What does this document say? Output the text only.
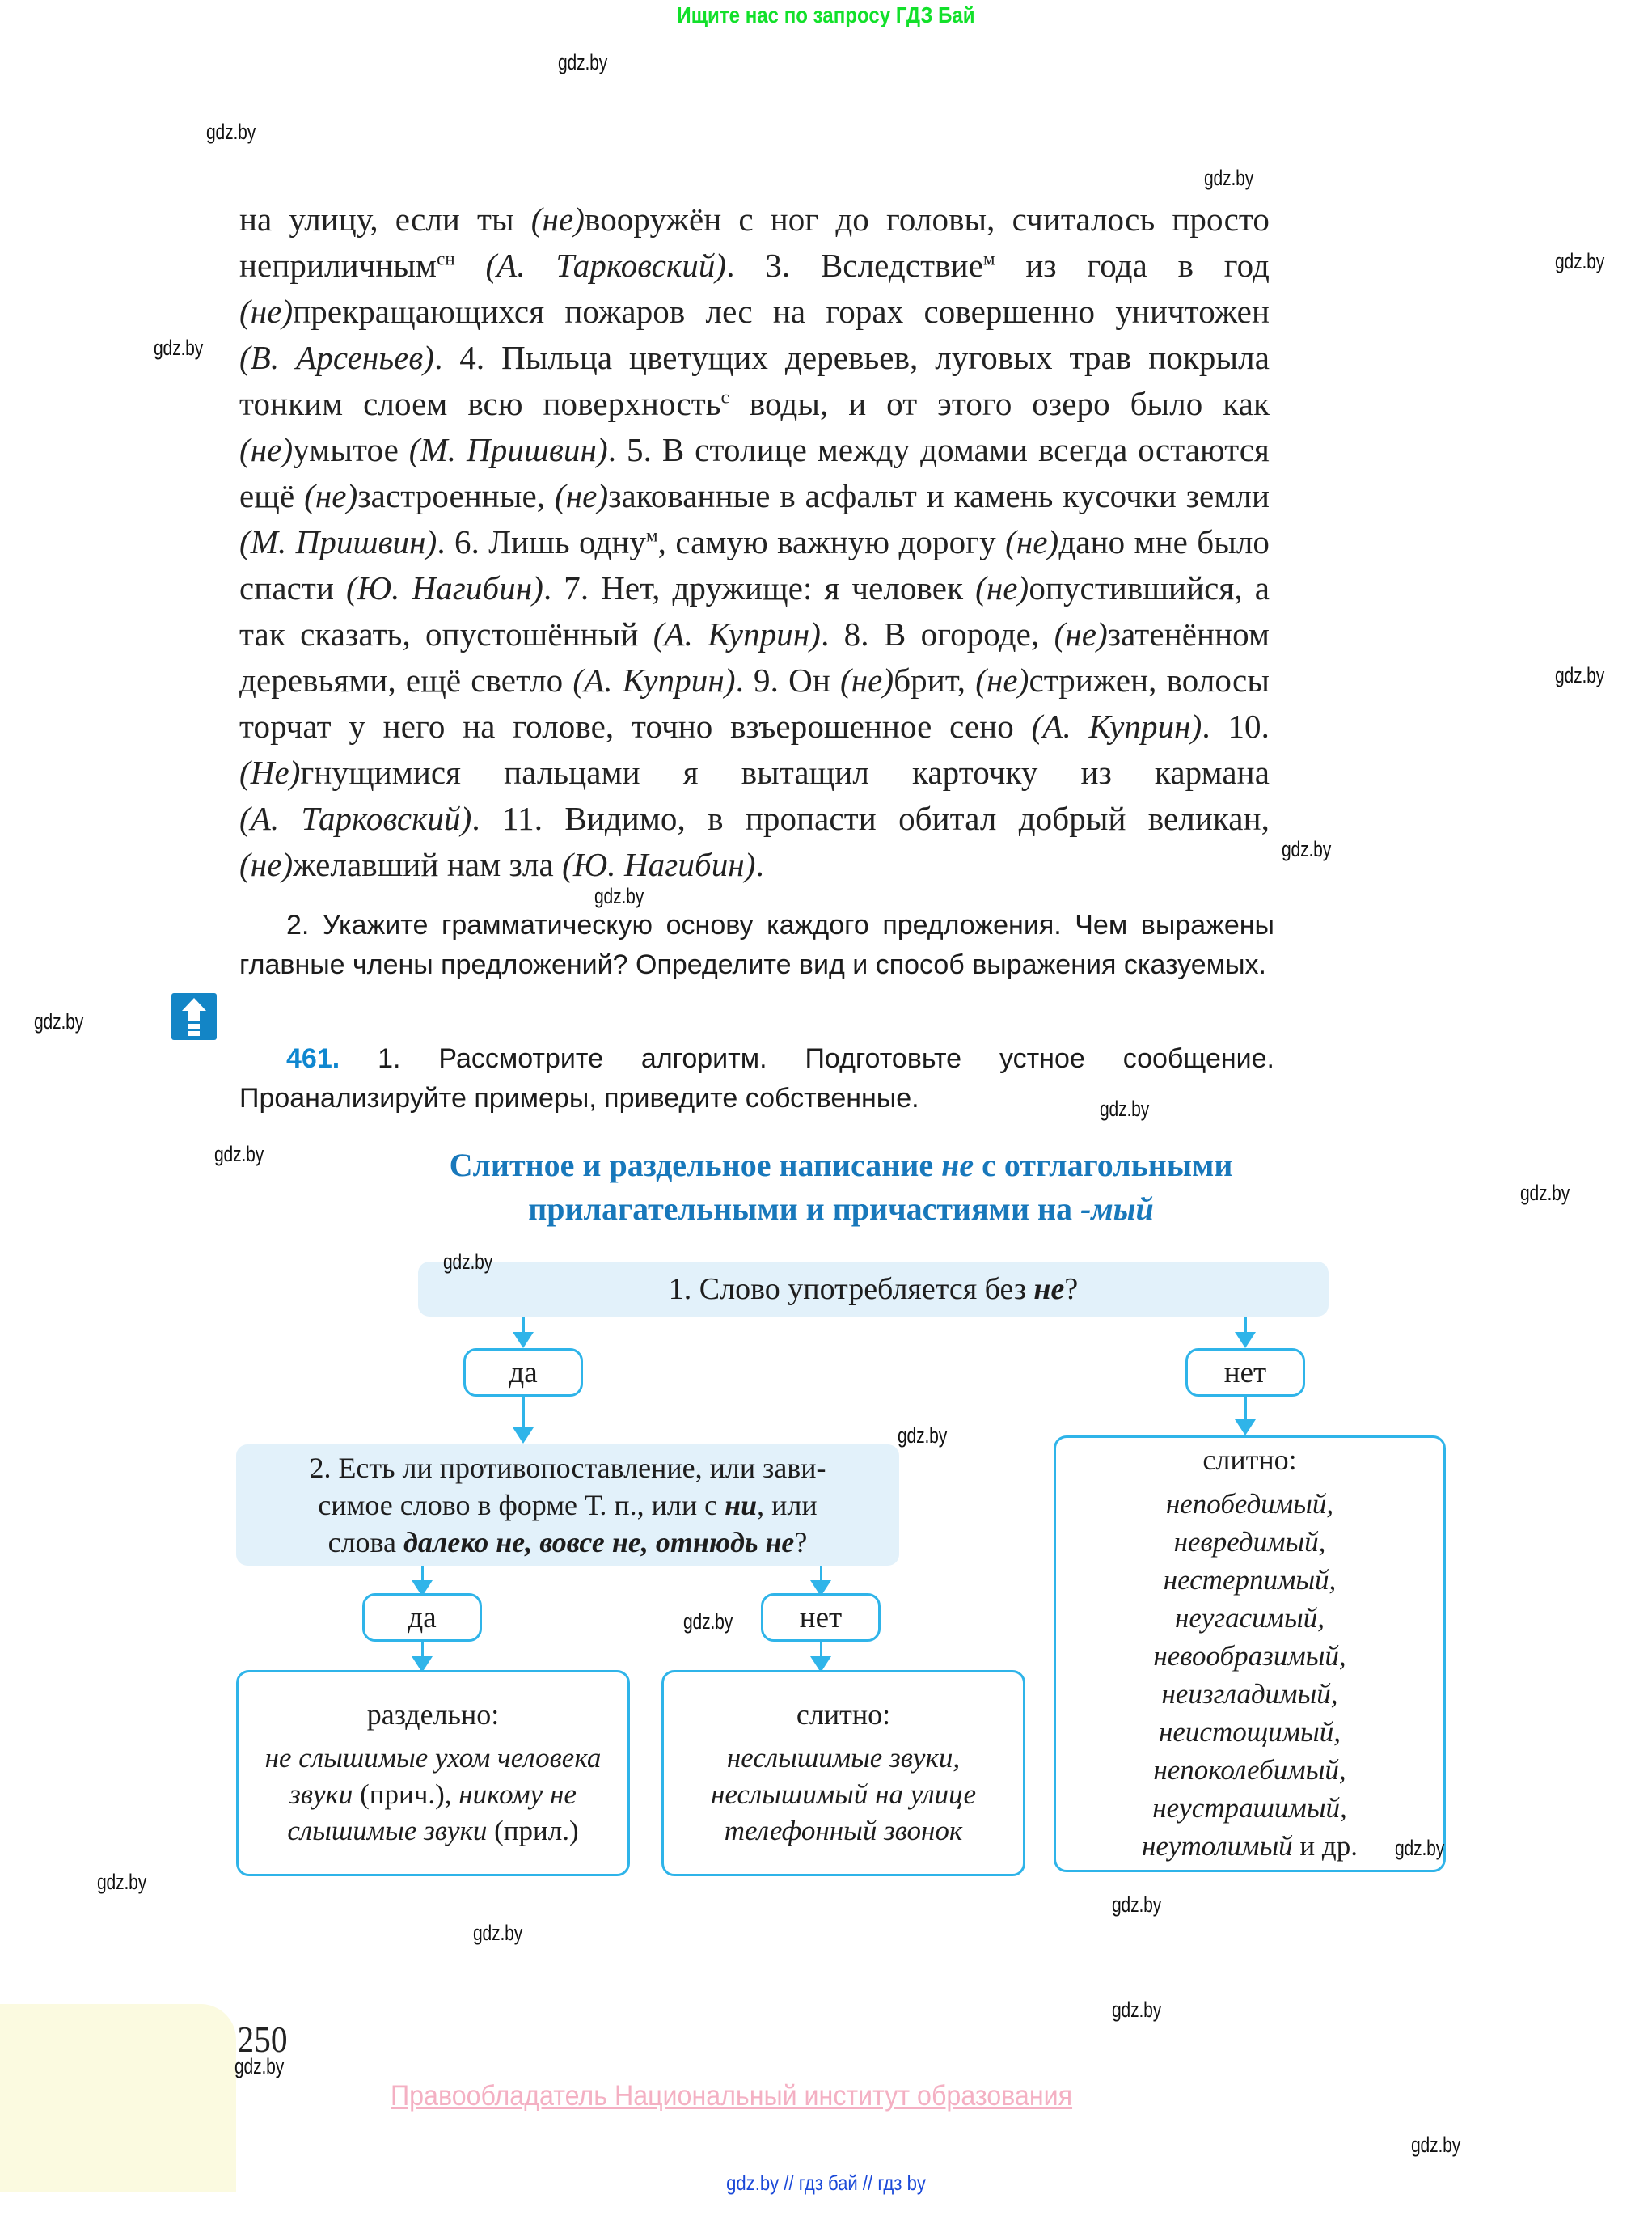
Ищите нас по запросу ГДЗ Бай
на улицу, если ты (не)вооружён с ног до головы, считалось просто неприличным$^{сн}$ (А. Тарковский). 3. Вследствие$^м$ из года в год (не)прекращающихся пожаров лес на горах совершенно уничтожен (В. Арсеньев). 4. Пыльца цветущих деревьев, луговых трав покрыла тонким слоем всю поверхность$^с$ воды, и от этого озеро было как (не)умытое (М. Пришвин). 5. В столице между домами всегда остаются ещё (не)застроенные, (не)закованные в асфальт и камень кусочки земли (М. Пришвин). 6. Лишь одну$^м$, самую важную дорогу (не)дано мне было спасти (Ю. Нагибин). 7. Нет, дружище: я человек (не)опустившийся, а так сказать, опустошённый (А. Куприн). 8. В огороде, (не)затенённом деревьями, ещё светло (А. Куприн). 9. Он (не)брит, (не)стрижен, волосы торчат у него на голове, точно взъерошенное сено (А. Куприн). 10. (Не)гнущимися пальцами я вытащил карточку из кармана (А. Тарковский). 11. Видимо, в пропасти обитал добрый великан, (не)желавший нам зла (Ю. Нагибин).
2. Укажите грамматическую основу каждого предложения. Чем выражены главные члены предложений? Определите вид и способ выражения сказуемых.
461. 1. Рассмотрите алгоритм. Подготовьте устное сообщение. Проанализируйте примеры, приведите собственные.
Слитное и раздельное написание не с отглагольными
прилагательными и причастиями на -мый
1. Слово употребляется без не?
да	нет
2. Есть ли противопоставление, или зави-
симое слово в форме Т. п., или с ни, или
слова далеко не, вовсе не, отнюдь не?
да	нет
раздельно:
не слышимые ухом человека звуки (прич.), никому не слышимые звуки (прил.)
слитно:
неслышимые звуки, неслышимый на улице телефонный звонок
слитно:
непобедимый,
невредимый,
нестерпимый,
неугасимый,
невообразимый,
неизгладимый,
неистощимый,
непоколебимый,
неустрашимый,
неутолимый и др.
250
Правообладатель Национальный институт образования
gdz.by // гдз бай // гдз by
gdz.by
gdz.by
gdz.by
gdz.by
gdz.by
gdz.by
gdz.by
gdz.by
gdz.by
gdz.by
gdz.by
gdz.by
gdz.by
gdz.by
gdz.by
gdz.by
gdz.by
gdz.by
gdz.by
gdz.by
gdz.by
gdz.by
